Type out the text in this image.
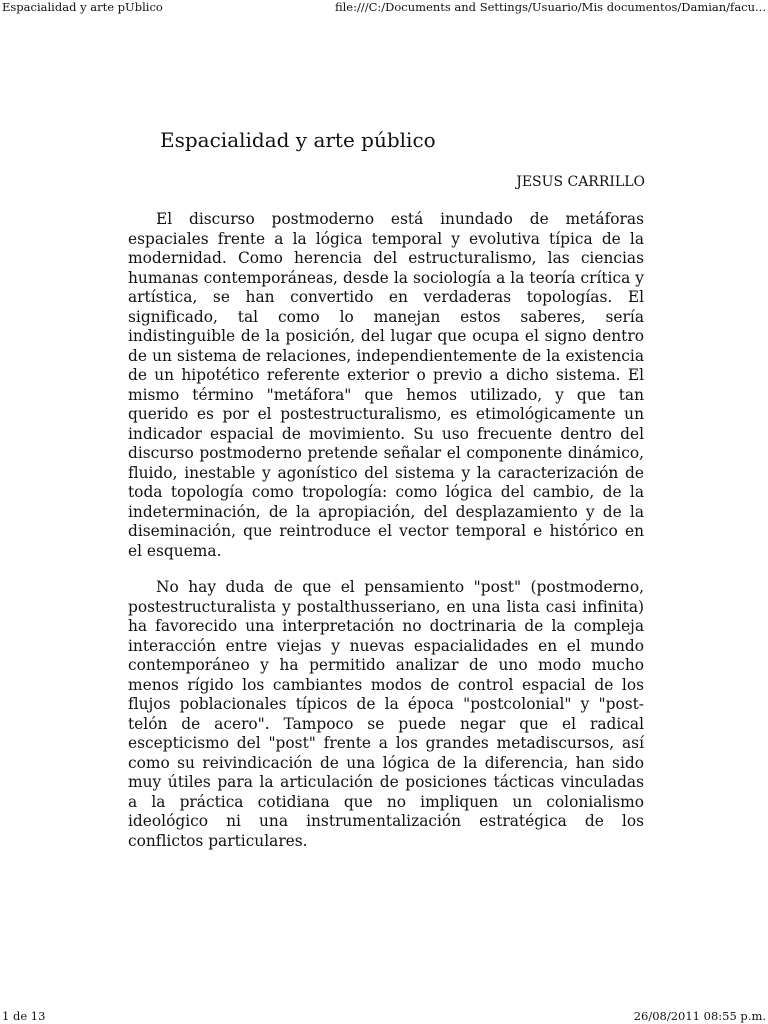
Espacialidad y arte pUblico	file:///C:/Documents and Settings/Usuario/Mis documentos/Damian/facu...
Espacialidad y arte público
JESUS CARRILLO

El discurso postmoderno está inundado de metáforas espaciales frente a la lógica temporal y evolutiva típica de la modernidad. Como herencia del estructuralismo, las ciencias humanas contemporáneas, desde la sociología a la teoría crítica y artística, se han convertido en verdaderas topologías. El significado, tal como lo manejan estos saberes, sería indistinguible de la posición, del lugar que ocupa el signo dentro de un sistema de relaciones, independientemente de la existencia de un hipotético referente exterior o previo a dicho sistema. El mismo término "metáfora" que hemos utilizado, y que tan querido es por el postestructuralismo, es etimológicamente un indicador espacial de movimiento. Su uso frecuente dentro del discurso postmoderno pretende señalar el componente dinámico, fluido, inestable y agonístico del sistema y la caracterización de toda topología como tropología: como lógica del cambio, de la indeterminación, de la apropiación, del desplazamiento y de la diseminación, que reintroduce el vector temporal e histórico en el esquema.

No hay duda de que el pensamiento "post" (postmoderno, postestructuralista y postalthusseriano, en una lista casi infinita) ha favorecido una interpretación no doctrinaria de la compleja interacción entre viejas y nuevas espacialidades en el mundo contemporáneo y ha permitido analizar de uno modo mucho menos rígido los cambiantes modos de control espacial de los flujos poblacionales típicos de la época "postcolonial" y "post-telón de acero". Tampoco se puede negar que el radical escepticismo del "post" frente a los grandes metadiscursos, así como su reivindicación de una lógica de la diferencia, han sido muy útiles para la articulación de posiciones tácticas vinculadas a la práctica cotidiana que no impliquen un colonialismo ideológico ni una instrumentalización estratégica de los conflictos particulares.

1 de 13	26/08/2011 08:55 p.m.
